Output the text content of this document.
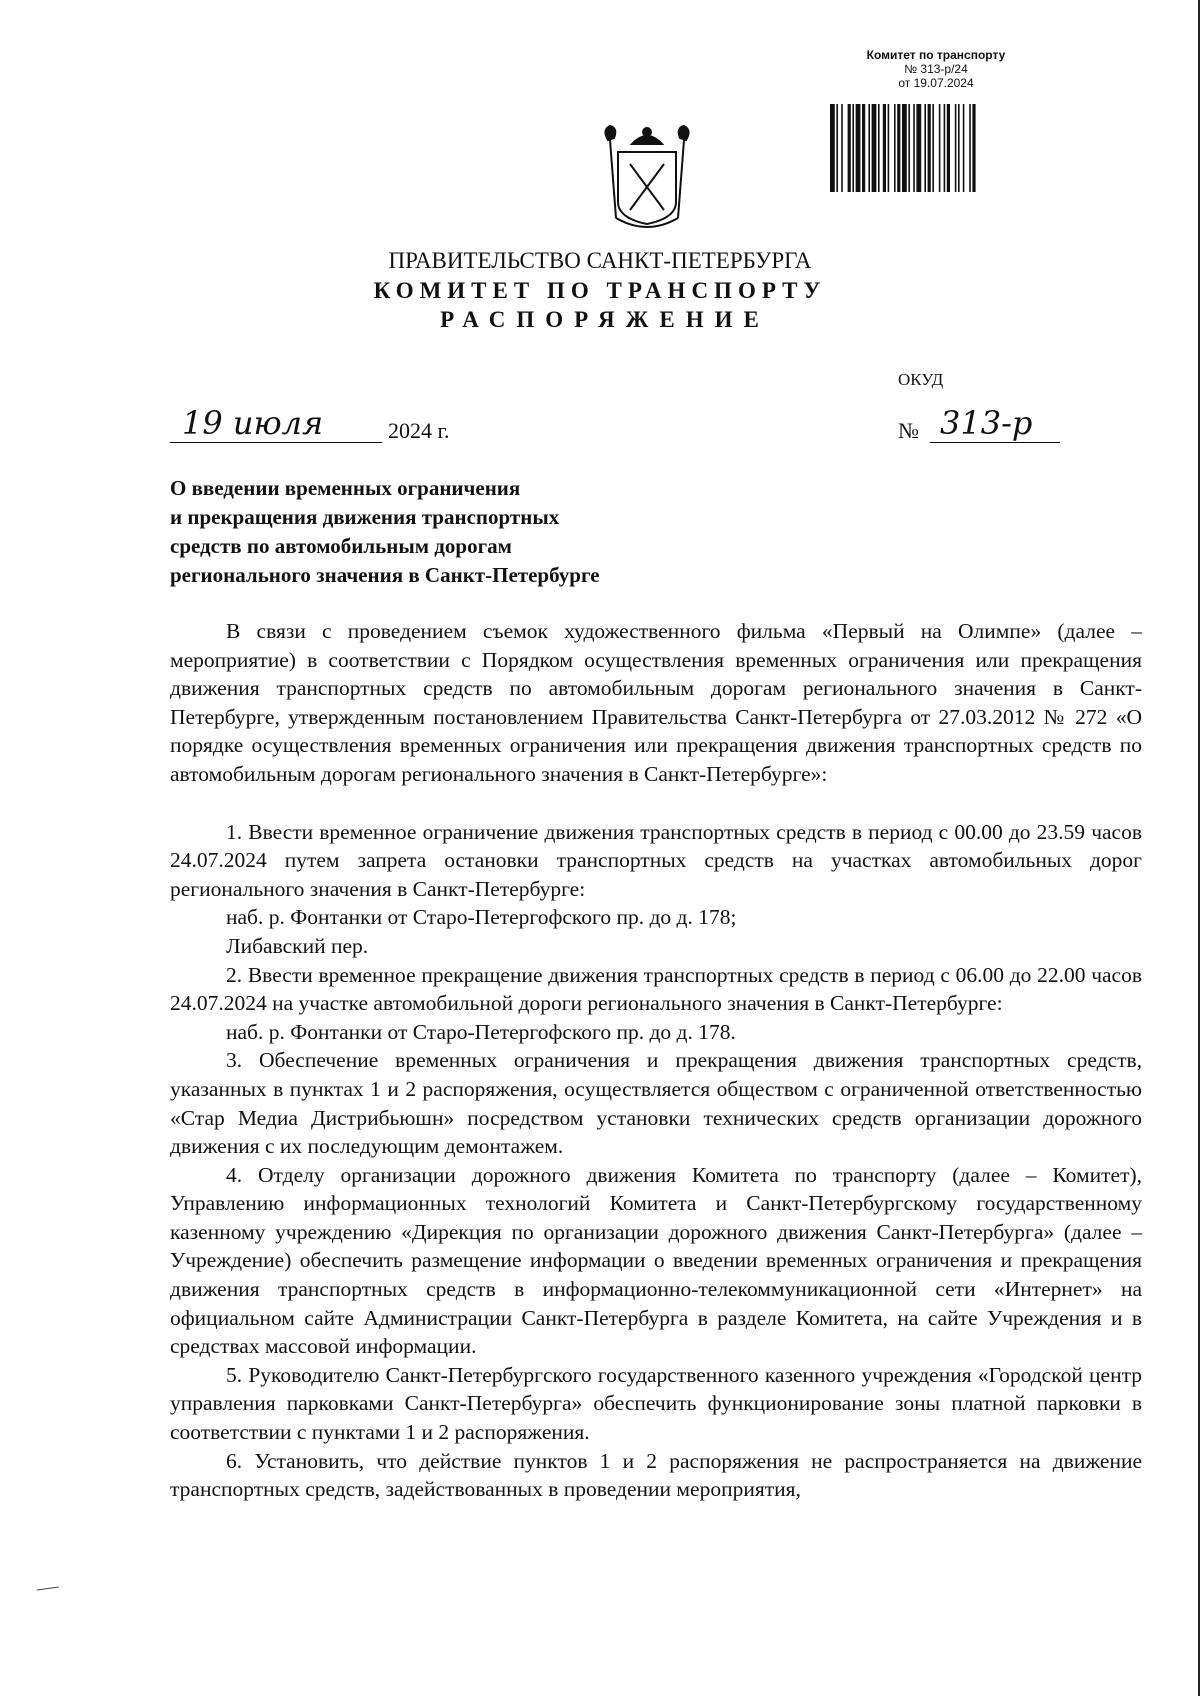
Комитет по транспорту
№ 313-р/24
от 19.07.2024
ПРАВИТЕЛЬСТВО САНКТ-ПЕТЕРБУРГА
КОМИТЕТ ПО ТРАНСПОРТУ
РАСПОРЯЖЕНИЕ
ОКУД
19 июля	2024 г.	№ 313-р
О введении временных ограничения
и прекращения движения транспортных
средств по автомобильным дорогам
регионального значения в Санкт-Петербурге

В связи с проведением съемок художественного фильма «Первый на Олимпе» (далее – мероприятие) в соответствии с Порядком осуществления временных ограничения или прекращения движения транспортных средств по автомобильным дорогам регионального значения в Санкт-Петербурге, утвержденным постановлением Правительства Санкт-Петербурга от 27.03.2012 № 272 «О порядке осуществления временных ограничения или прекращения движения транспортных средств по автомобильным дорогам регионального значения в Санкт-Петербурге»:

1. Ввести временное ограничение движения транспортных средств в период с 00.00 до 23.59 часов 24.07.2024 путем запрета остановки транспортных средств на участках автомобильных дорог регионального значения в Санкт-Петербурге:

наб. р. Фонтанки от Старо-Петергофского пр. до д. 178;

Либавский пер.

2. Ввести временное прекращение движения транспортных средств в период с 06.00 до 22.00 часов 24.07.2024 на участке автомобильной дороги регионального значения в Санкт-Петербурге:

наб. р. Фонтанки от Старо-Петергофского пр. до д. 178.

3. Обеспечение временных ограничения и прекращения движения транспортных средств, указанных в пунктах 1 и 2 распоряжения, осуществляется обществом с ограниченной ответственностью «Стар Медиа Дистрибьюшн» посредством установки технических средств организации дорожного движения с их последующим демонтажем.

4. Отделу организации дорожного движения Комитета по транспорту (далее – Комитет), Управлению информационных технологий Комитета и Санкт-Петербургскому государственному казенному учреждению «Дирекция по организации дорожного движения Санкт-Петербурга» (далее – Учреждение) обеспечить размещение информации о введении временных ограничения и прекращения движения транспортных средств в информационно-телекоммуникационной сети «Интернет» на официальном сайте Администрации Санкт-Петербурга в разделе Комитета, на сайте Учреждения и в средствах массовой информации.

5. Руководителю Санкт-Петербургского государственного казенного учреждения «Городской центр управления парковками Санкт-Петербурга» обеспечить функционирование зоны платной парковки в соответствии с пунктами 1 и 2 распоряжения.

6. Установить, что действие пунктов 1 и 2 распоряжения не распространяется на движение транспортных средств, задействованных в проведении мероприятия,
